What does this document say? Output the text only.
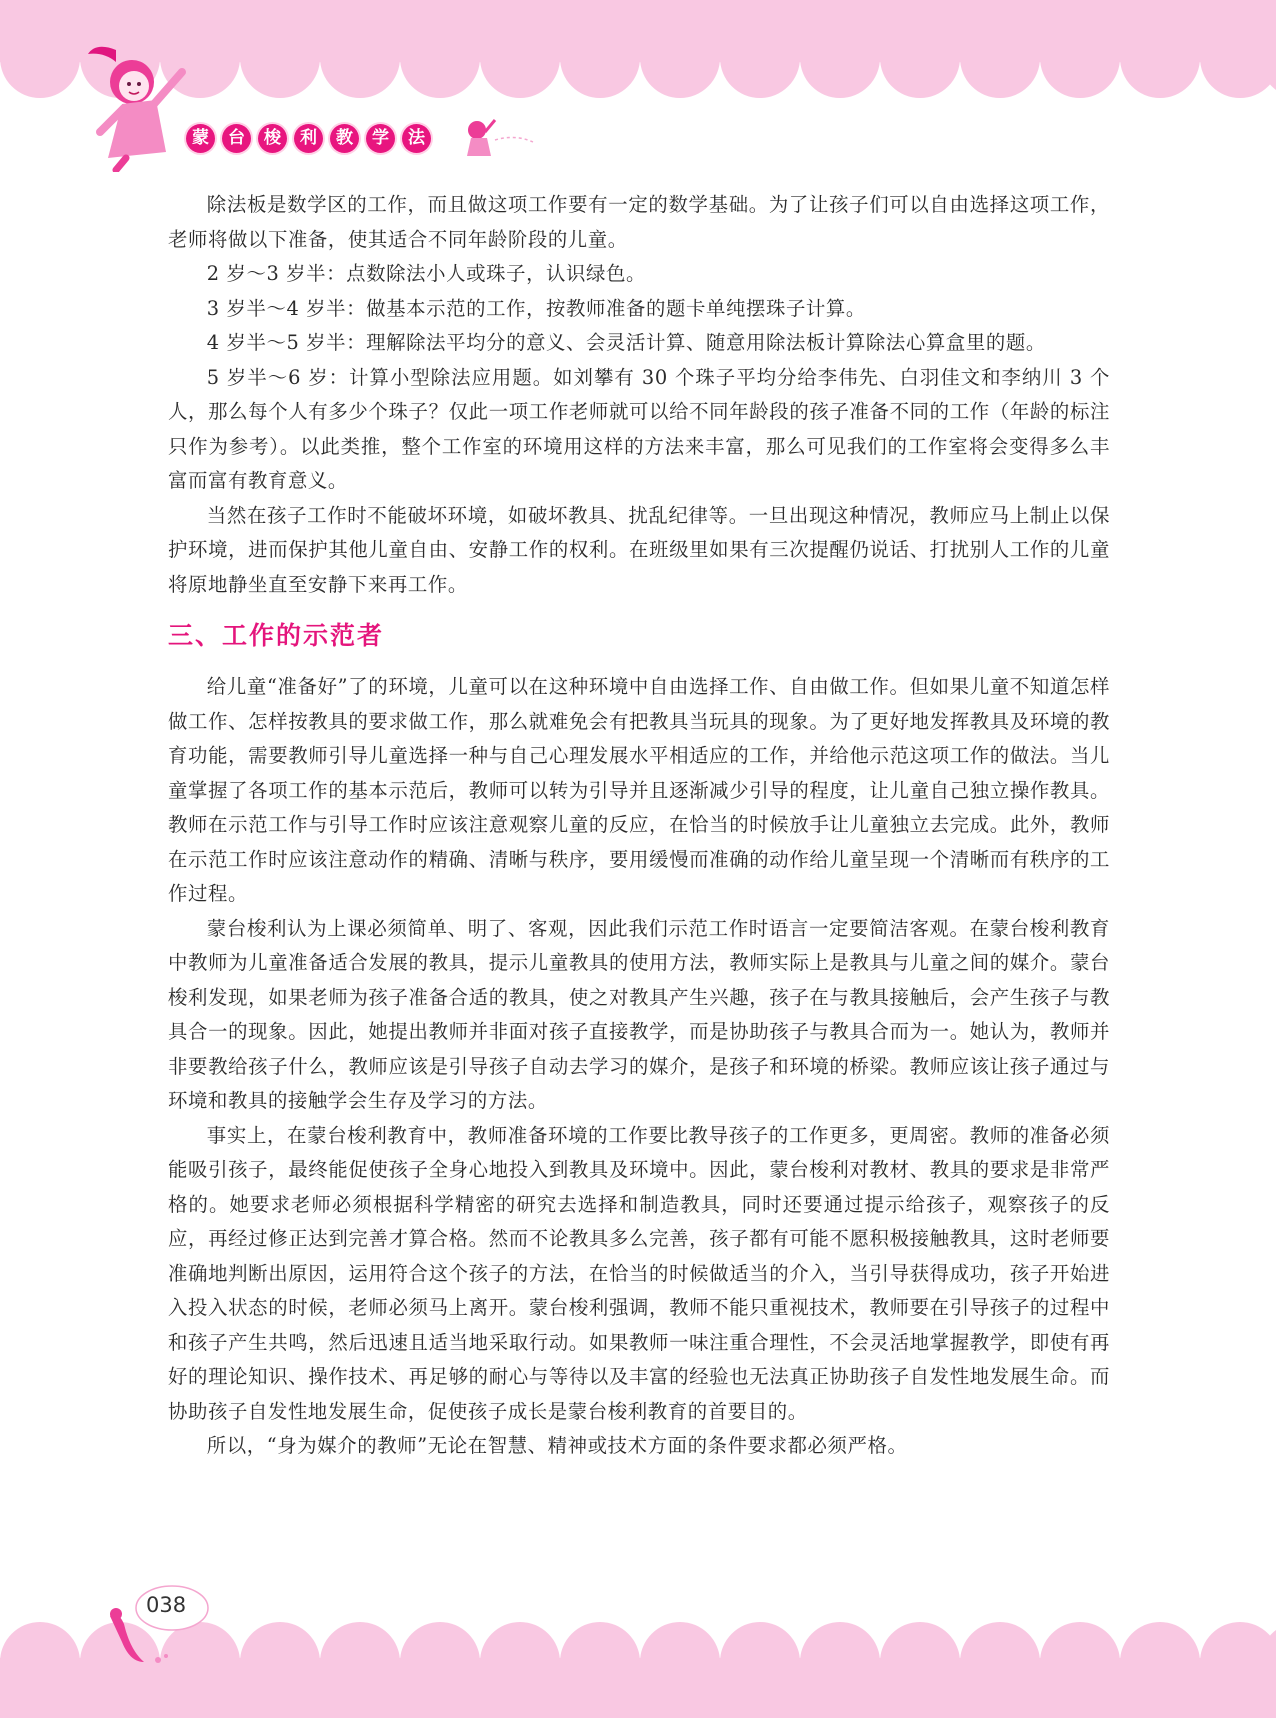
蒙	台	梭	利	教	学	法

除法板是数学区的工作，而且做这项工作要有一定的数学基础。为了让孩子们可以自由选择这项工作，老师将做以下准备，使其适合不同年龄阶段的儿童。

2 岁～3 岁半：点数除法小人或珠子，认识绿色。

3 岁半～4 岁半：做基本示范的工作，按教师准备的题卡单纯摆珠子计算。

4 岁半～5 岁半：理解除法平均分的意义、会灵活计算、随意用除法板计算除法心算盒里的题。

5 岁半～6 岁：计算小型除法应用题。如刘攀有 30 个珠子平均分给李伟先、白羽佳文和李纳川 3 个人，那么每个人有多少个珠子？仅此一项工作老师就可以给不同年龄段的孩子准备不同的工作（年龄的标注只作为参考）。以此类推，整个工作室的环境用这样的方法来丰富，那么可见我们的工作室将会变得多么丰富而富有教育意义。

当然在孩子工作时不能破坏环境，如破坏教具、扰乱纪律等。一旦出现这种情况，教师应马上制止以保护环境，进而保护其他儿童自由、安静工作的权利。在班级里如果有三次提醒仍说话、打扰别人工作的儿童将原地静坐直至安静下来再工作。

三、工作的示范者

给儿童“准备好”了的环境，儿童可以在这种环境中自由选择工作、自由做工作。但如果儿童不知道怎样做工作、怎样按教具的要求做工作，那么就难免会有把教具当玩具的现象。为了更好地发挥教具及环境的教育功能，需要教师引导儿童选择一种与自己心理发展水平相适应的工作，并给他示范这项工作的做法。当儿童掌握了各项工作的基本示范后，教师可以转为引导并且逐渐减少引导的程度，让儿童自己独立操作教具。教师在示范工作与引导工作时应该注意观察儿童的反应，在恰当的时候放手让儿童独立去完成。此外，教师在示范工作时应该注意动作的精确、清晰与秩序，要用缓慢而准确的动作给儿童呈现一个清晰而有秩序的工作过程。

蒙台梭利认为上课必须简单、明了、客观，因此我们示范工作时语言一定要简洁客观。在蒙台梭利教育中教师为儿童准备适合发展的教具，提示儿童教具的使用方法，教师实际上是教具与儿童之间的媒介。蒙台梭利发现，如果老师为孩子准备合适的教具，使之对教具产生兴趣，孩子在与教具接触后，会产生孩子与教具合一的现象。因此，她提出教师并非面对孩子直接教学，而是协助孩子与教具合而为一。她认为，教师并非要教给孩子什么，教师应该是引导孩子自动去学习的媒介，是孩子和环境的桥梁。教师应该让孩子通过与环境和教具的接触学会生存及学习的方法。

事实上，在蒙台梭利教育中，教师准备环境的工作要比教导孩子的工作更多，更周密。教师的准备必须能吸引孩子，最终能促使孩子全身心地投入到教具及环境中。因此，蒙台梭利对教材、教具的要求是非常严格的。她要求老师必须根据科学精密的研究去选择和制造教具，同时还要通过提示给孩子，观察孩子的反应，再经过修正达到完善才算合格。然而不论教具多么完善，孩子都有可能不愿积极接触教具，这时老师要准确地判断出原因，运用符合这个孩子的方法，在恰当的时候做适当的介入，当引导获得成功，孩子开始进入投入状态的时候，老师必须马上离开。蒙台梭利强调，教师不能只重视技术，教师要在引导孩子的过程中和孩子产生共鸣，然后迅速且适当地采取行动。如果教师一味注重合理性，不会灵活地掌握教学，即使有再好的理论知识、操作技术、再足够的耐心与等待以及丰富的经验也无法真正协助孩子自发性地发展生命。而协助孩子自发性地发展生命，促使孩子成长是蒙台梭利教育的首要目的。

所以，“身为媒介的教师”无论在智慧、精神或技术方面的条件要求都必须严格。

038
